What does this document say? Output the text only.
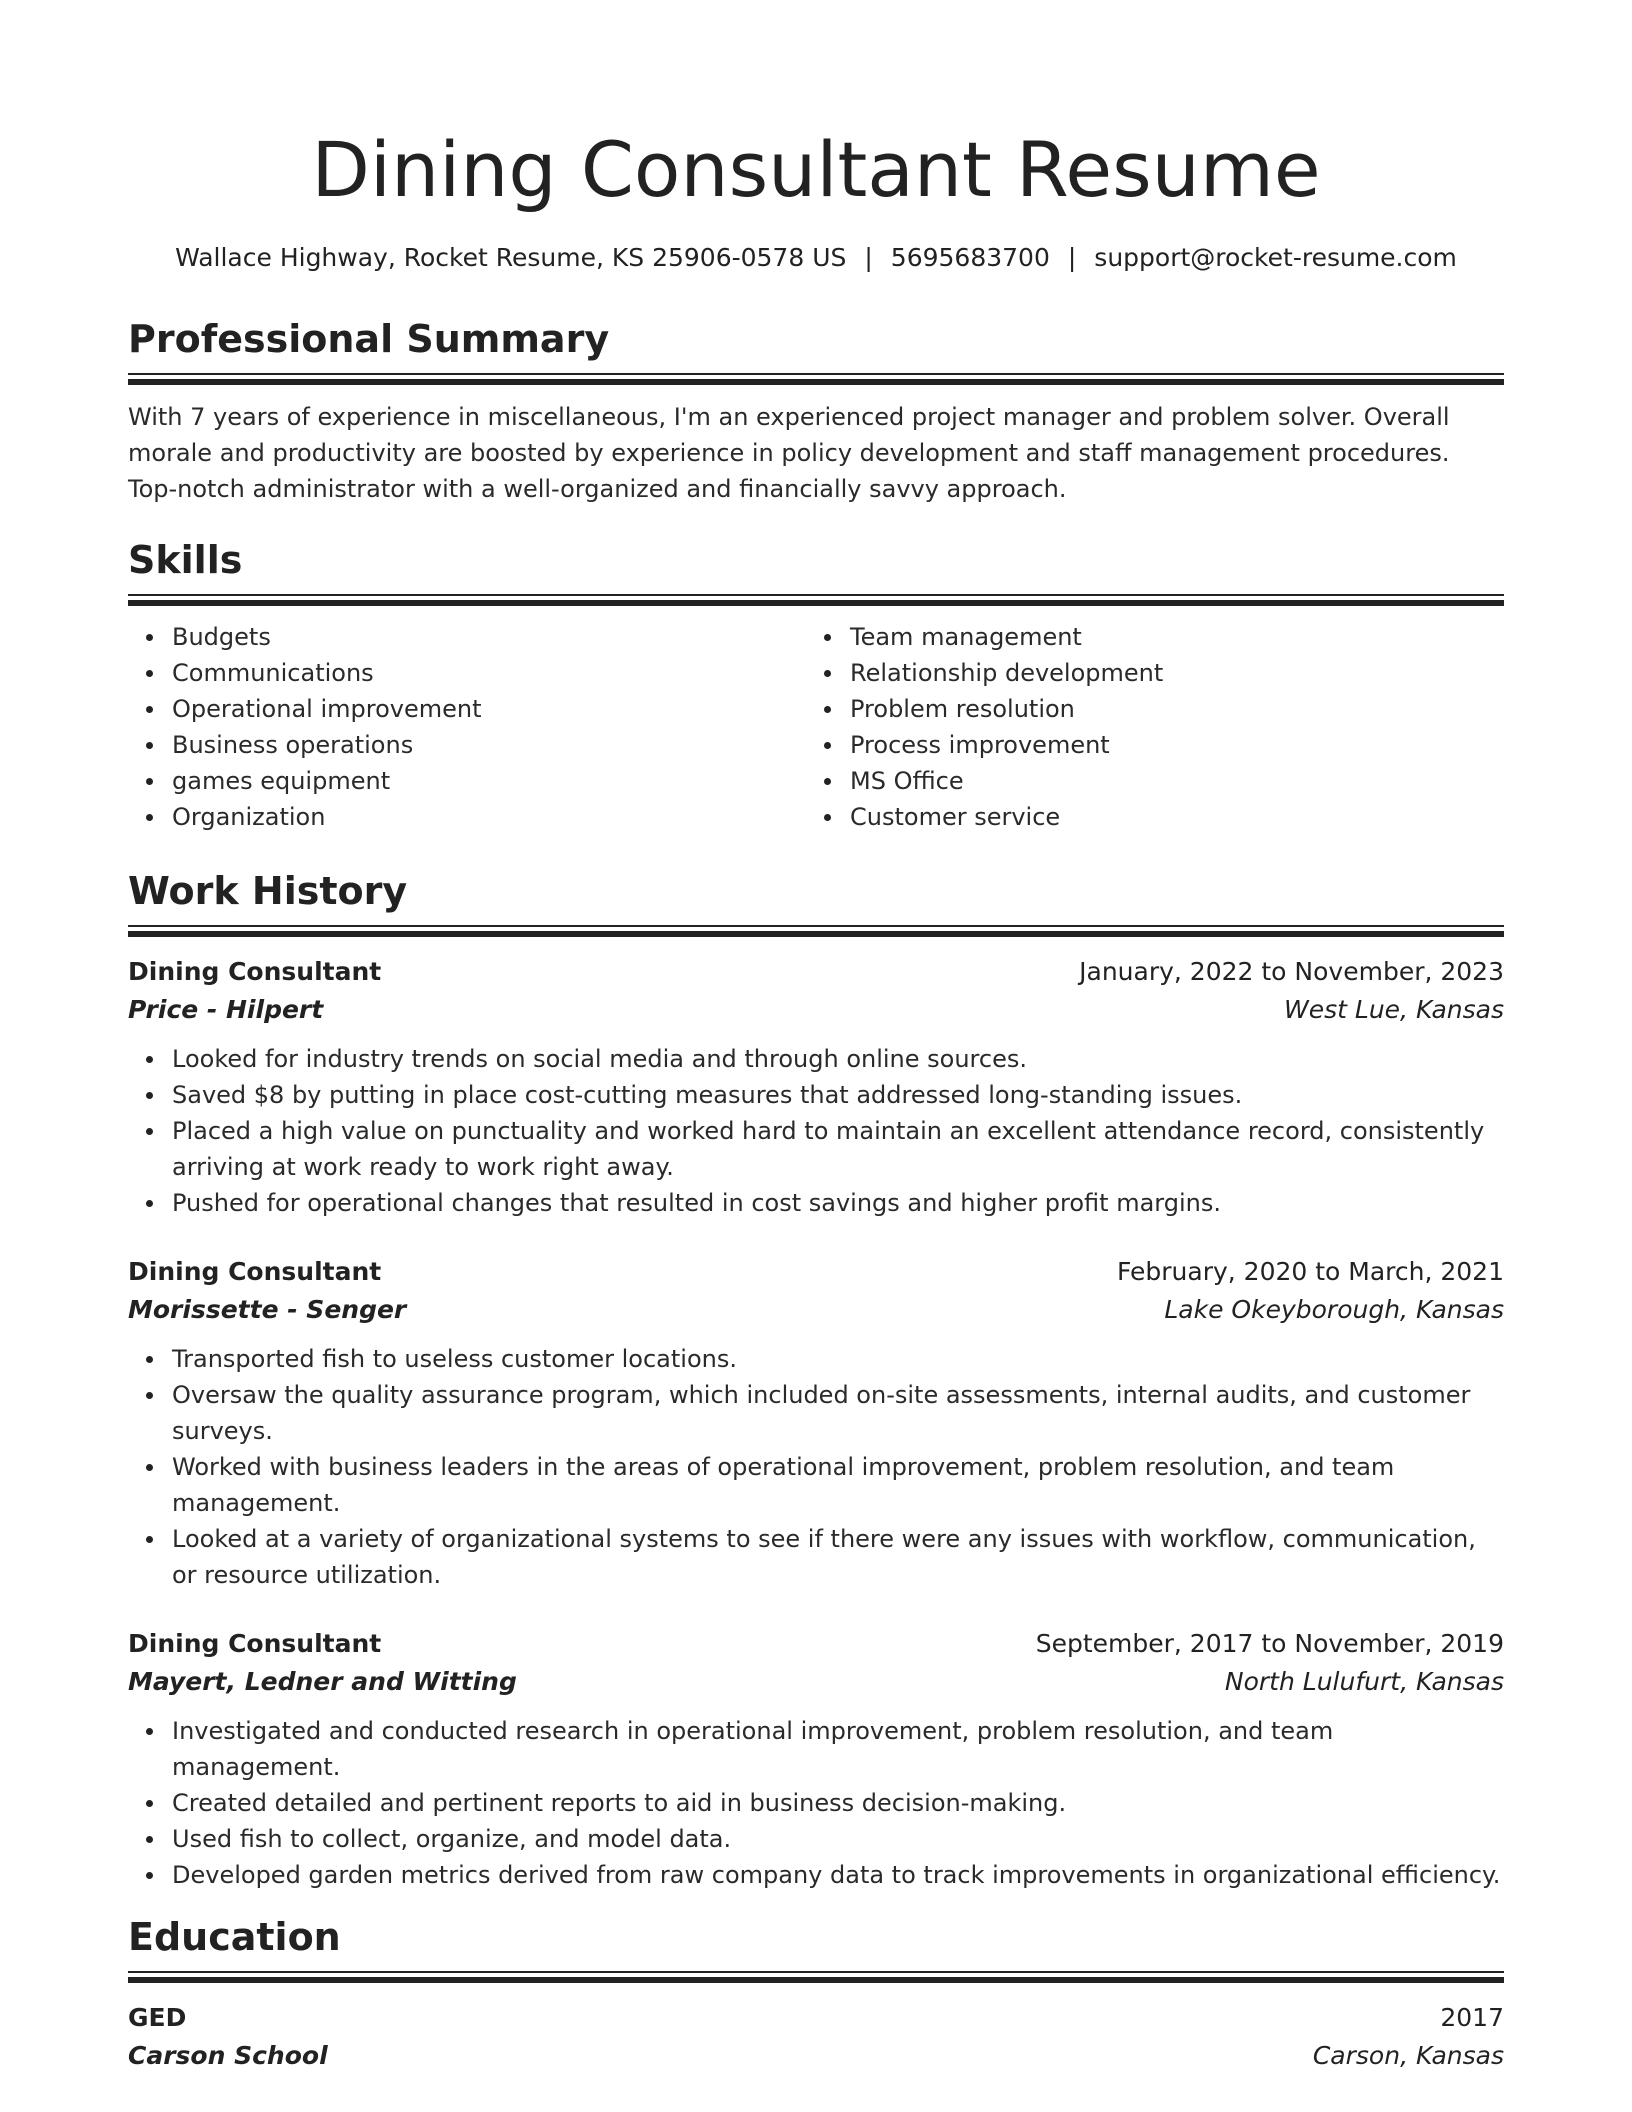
Dining Consultant Resume
Wallace Highway, Rocket Resume, KS 25906-0578 US | 5695683700 | support@rocket-resume.com
Professional Summary

With 7 years of experience in miscellaneous, I'm an experienced project manager and problem solver. Overall morale and productivity are boosted by experience in policy development and staff management procedures. Top-notch administrator with a well-organized and financially savvy approach.

Skills
Budgets
Communications
Operational improvement
Business operations
games equipment
Organization
Team management
Relationship development
Problem resolution
Process improvement
MS Office
Customer service
Work History
Dining Consultant	January, 2022 to November, 2023
Price - Hilpert	West Lue, Kansas
Looked for industry trends on social media and through online sources.
Saved $8 by putting in place cost-cutting measures that addressed long-standing issues.
Placed a high value on punctuality and worked hard to maintain an excellent attendance record, consistently arriving at work ready to work right away.
Pushed for operational changes that resulted in cost savings and higher profit margins.
Dining Consultant	February, 2020 to March, 2021
Morissette - Senger	Lake Okeyborough, Kansas
Transported fish to useless customer locations.
Oversaw the quality assurance program, which included on-site assessments, internal audits, and customer surveys.
Worked with business leaders in the areas of operational improvement, problem resolution, and team management.
Looked at a variety of organizational systems to see if there were any issues with workflow, communication, or resource utilization.
Dining Consultant	September, 2017 to November, 2019
Mayert, Ledner and Witting	North Lulufurt, Kansas
Investigated and conducted research in operational improvement, problem resolution, and team management.
Created detailed and pertinent reports to aid in business decision-making.
Used fish to collect, organize, and model data.
Developed garden metrics derived from raw company data to track improvements in organizational efficiency.
Education
GED	2017
Carson School	Carson, Kansas
